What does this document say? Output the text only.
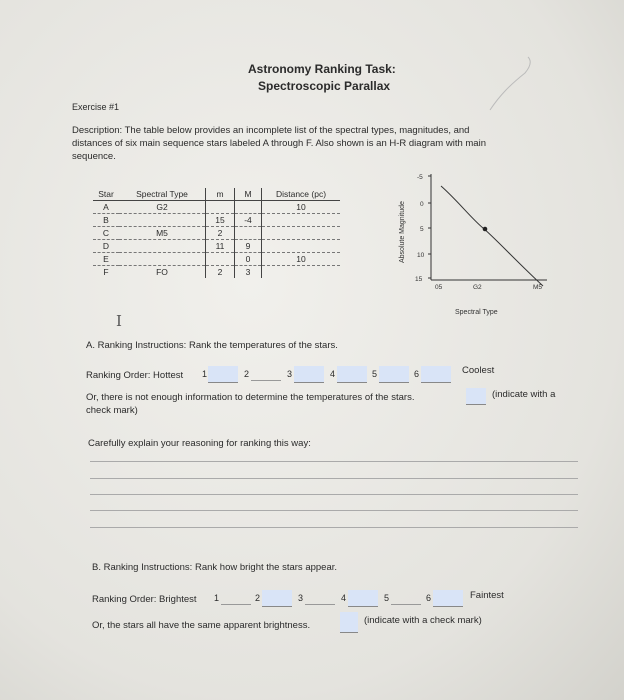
Astronomy Ranking Task:
Spectroscopic Parallax
Exercise #1
Description: The table below provides an incomplete list of the spectral types, magnitudes, and
distances of six main sequence stars labeled A through F. Also shown is an H-R diagram with main
sequence.
Star	Spectral Type	m	M	Distance (pc)
A	G2			10
B		15	-4	
C	M5	2		
D		11	9	
E			0	10
F	FO	2	3	
Absolute Magnitude
-5
0
5
10
15
05	G2	M5
Spectral Type
I
A. Ranking Instructions: Rank the temperatures of the stars.
Ranking Order: Hottest 1	2	3	4	5	6	Coolest
Or, there is not enough information to determine the temperatures of the stars.	(indicate with a
check mark)
Carefully explain your reasoning for ranking this way:
B. Ranking Instructions: Rank how bright the stars appear.
Ranking Order: Brightest 1	2	3	4	5	6	Faintest
Or, the stars all have the same apparent brightness.	(indicate with a check mark)
